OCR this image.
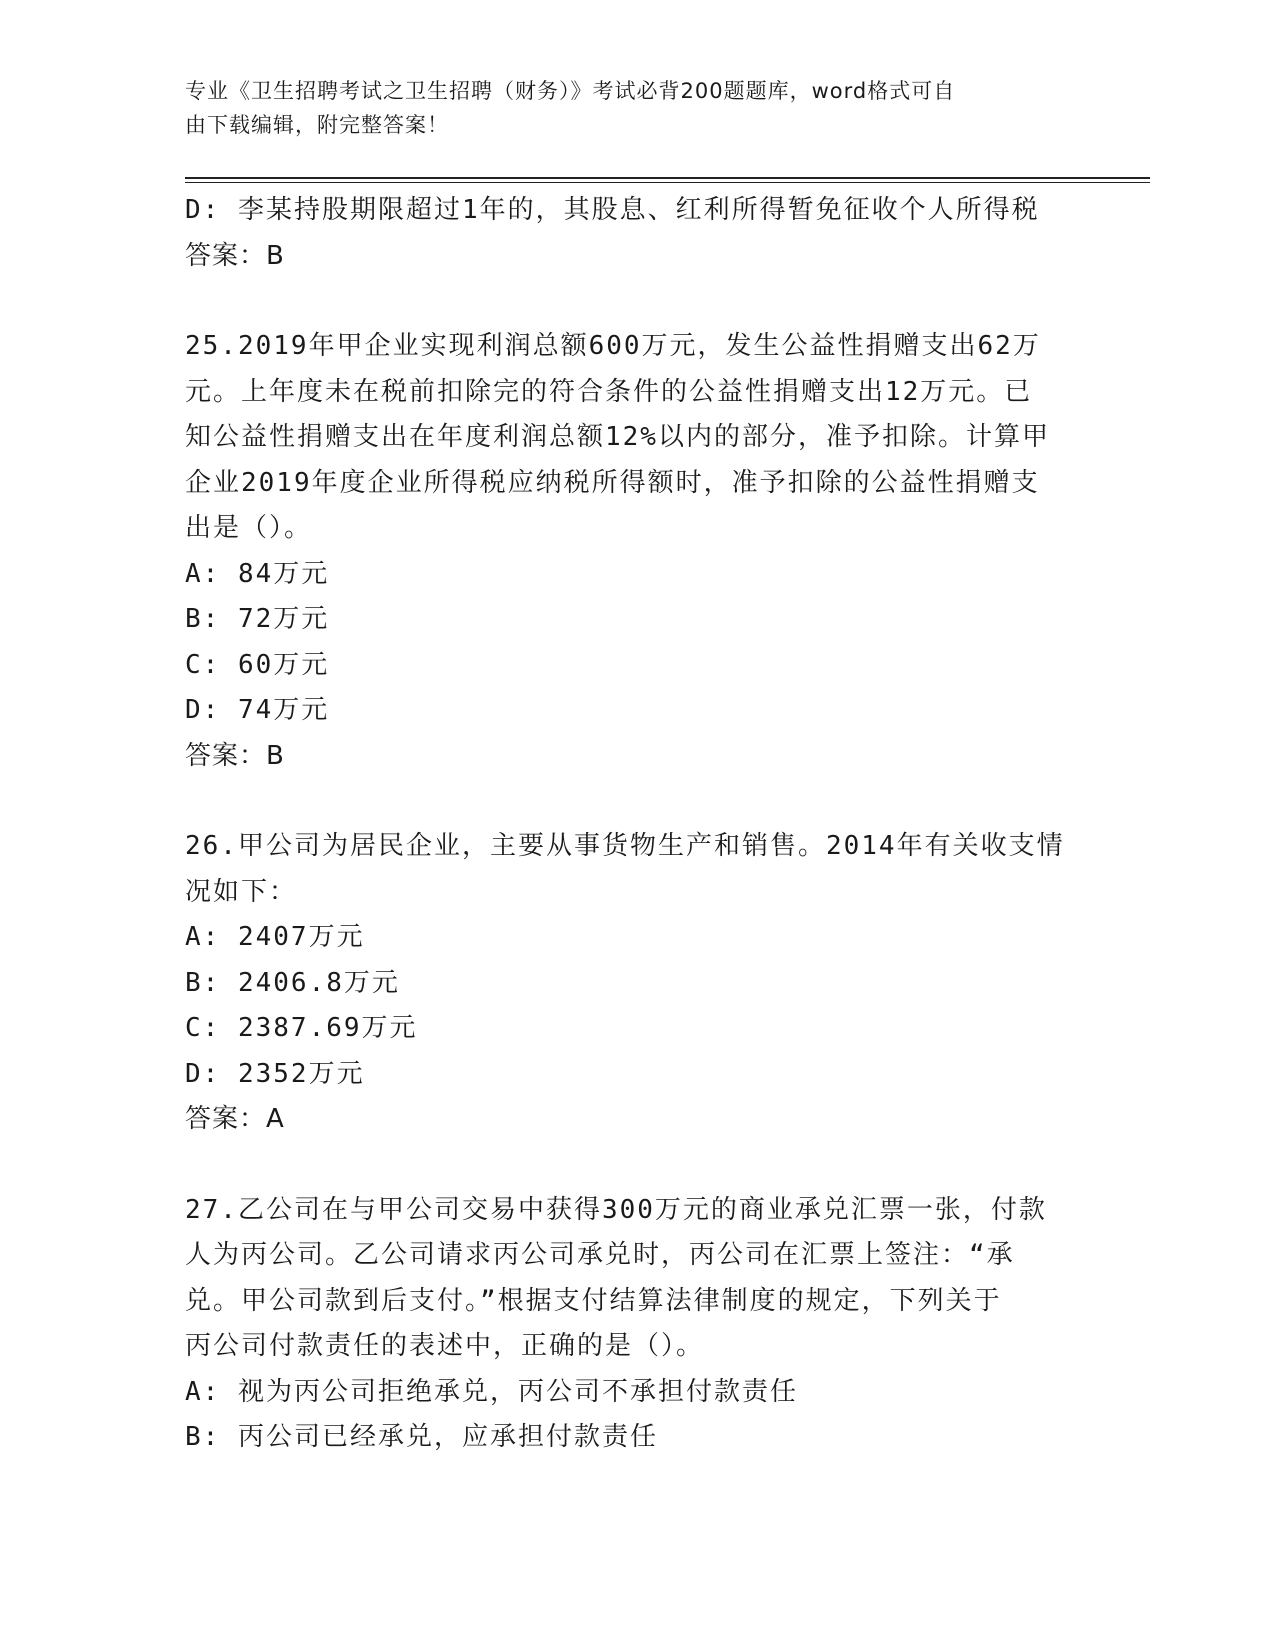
专业《卫生招聘考试之卫生招聘（财务）》考试必背200题题库，word格式可自
由下载编辑，附完整答案！
D: 李某持股期限超过1年的，其股息、红利所得暂免征收个人所得税
答案：B
25.2019年甲企业实现利润总额600万元，发生公益性捐赠支出62万
元。上年度未在税前扣除完的符合条件的公益性捐赠支出12万元。已
知公益性捐赠支出在年度利润总额12%以内的部分，准予扣除。计算甲
企业2019年度企业所得税应纳税所得额时，准予扣除的公益性捐赠支
出是（）。
A: 84万元
B: 72万元
C: 60万元
D: 74万元
答案：B
26.甲公司为居民企业，主要从事货物生产和销售。2014年有关收支情
况如下：
A: 2407万元
B: 2406.8万元
C: 2387.69万元
D: 2352万元
答案：A
27.乙公司在与甲公司交易中获得300万元的商业承兑汇票一张，付款
人为丙公司。乙公司请求丙公司承兑时，丙公司在汇票上签注：“承
兑。甲公司款到后支付。”根据支付结算法律制度的规定，下列关于
丙公司付款责任的表述中，正确的是（）。
A: 视为丙公司拒绝承兑，丙公司不承担付款责任
B: 丙公司已经承兑，应承担付款责任
